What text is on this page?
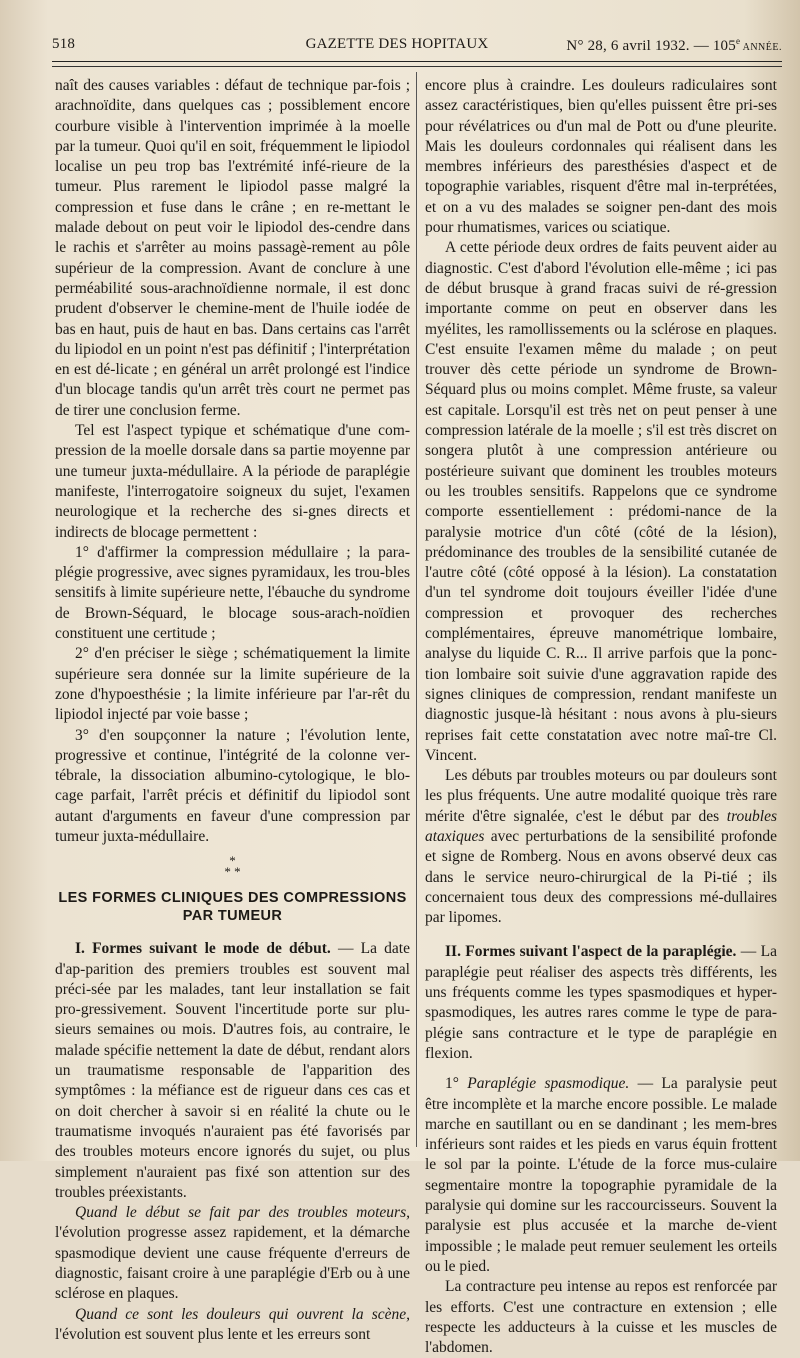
518	GAZETTE DES HOPITAUX	N° 28, 6 avril 1932. — 105e ANNÉE.

naît des causes variables : défaut de technique par-fois ; arachnoïdite, dans quelques cas ; possiblement encore courbure visible à l'intervention imprimée à la moelle par la tumeur. Quoi qu'il en soit, fréquemment le lipiodol localise un peu trop bas l'extrémité infé-rieure de la tumeur. Plus rarement le lipiodol passe malgré la compression et fuse dans le crâne ; en re-mettant le malade debout on peut voir le lipiodol des-cendre dans le rachis et s'arrêter au moins passagè-rement au pôle supérieur de la compression. Avant de conclure à une perméabilité sous-arachnoïdienne normale, il est donc prudent d'observer le chemine-ment de l'huile iodée de bas en haut, puis de haut en bas. Dans certains cas l'arrêt du lipiodol en un point n'est pas définitif ; l'interprétation en est dé-licate ; en général un arrêt prolongé est l'indice d'un blocage tandis qu'un arrêt très court ne permet pas de tirer une conclusion ferme.

Tel est l'aspect typique et schématique d'une com-pression de la moelle dorsale dans sa partie moyenne par une tumeur juxta-médullaire. A la période de paraplégie manifeste, l'interrogatoire soigneux du sujet, l'examen neurologique et la recherche des si-gnes directs et indirects de blocage permettent :

1° d'affirmer la compression médullaire ; la para-plégie progressive, avec signes pyramidaux, les trou-bles sensitifs à limite supérieure nette, l'ébauche du syndrome de Brown-Séquard, le blocage sous-arach-noïdien constituent une certitude ;

2° d'en préciser le siège ; schématiquement la limite supérieure sera donnée sur la limite supérieure de la zone d'hypoesthésie ; la limite inférieure par l'ar-rêt du lipiodol injecté par voie basse ;

3° d'en soupçonner la nature ; l'évolution lente, progressive et continue, l'intégrité de la colonne ver-tébrale, la dissociation albumino-cytologique, le blo-cage parfait, l'arrêt précis et définitif du lipiodol sont autant d'arguments en faveur d'une compression par tumeur juxta-médullaire.

*
* *
LES FORMES CLINIQUES DES COMPRESSIONS
PAR TUMEUR

I. Formes suivant le mode de début. — La date d'ap-parition des premiers troubles est souvent mal préci-sée par les malades, tant leur installation se fait pro-gressivement. Souvent l'incertitude porte sur plu-sieurs semaines ou mois. D'autres fois, au contraire, le malade spécifie nettement la date de début, rendant alors un traumatisme responsable de l'apparition des symptômes : la méfiance est de rigueur dans ces cas et on doit chercher à savoir si en réalité la chute ou le traumatisme invoqués n'auraient pas été favorisés par des troubles moteurs encore ignorés du sujet, ou plus simplement n'auraient pas fixé son attention sur des troubles préexistants.

Quand le début se fait par des troubles moteurs, l'évolution progresse assez rapidement, et la démarche spasmodique devient une cause fréquente d'erreurs de diagnostic, faisant croire à une paraplégie d'Erb ou à une sclérose en plaques.

Quand ce sont les douleurs qui ouvrent la scène, l'évolution est souvent plus lente et les erreurs sont

encore plus à craindre. Les douleurs radiculaires sont assez caractéristiques, bien qu'elles puissent être pri-ses pour révélatrices ou d'un mal de Pott ou d'une pleurite. Mais les douleurs cordonnales qui réalisent dans les membres inférieurs des paresthésies d'aspect et de topographie variables, risquent d'être mal in-terprétées, et on a vu des malades se soigner pen-dant des mois pour rhumatismes, varices ou sciatique.

A cette période deux ordres de faits peuvent aider au diagnostic. C'est d'abord l'évolution elle-même ; ici pas de début brusque à grand fracas suivi de ré-gression importante comme on peut en observer dans les myélites, les ramollissements ou la sclérose en plaques. C'est ensuite l'examen même du malade ; on peut trouver dès cette période un syndrome de Brown-Séquard plus ou moins complet. Même fruste, sa valeur est capitale. Lorsqu'il est très net on peut penser à une compression latérale de la moelle ; s'il est très discret on songera plutôt à une compression antérieure ou postérieure suivant que dominent les troubles moteurs ou les troubles sensitifs. Rappelons que ce syndrome comporte essentiellement : prédomi-nance de la paralysie motrice d'un côté (côté de la lésion), prédominance des troubles de la sensibilité cutanée de l'autre côté (côté opposé à la lésion). La constatation d'un tel syndrome doit toujours éveiller l'idée d'une compression et provoquer des recherches complémentaires, épreuve manométrique lombaire, analyse du liquide C. R... Il arrive parfois que la ponc-tion lombaire soit suivie d'une aggravation rapide des signes cliniques de compression, rendant manifeste un diagnostic jusque-là hésitant : nous avons à plu-sieurs reprises fait cette constatation avec notre maî-tre Cl. Vincent.

Les débuts par troubles moteurs ou par douleurs sont les plus fréquents. Une autre modalité quoique très rare mérite d'être signalée, c'est le début par des troubles ataxiques avec perturbations de la sensibilité profonde et signe de Romberg. Nous en avons observé deux cas dans le service neuro-chirurgical de la Pi-tié ; ils concernaient tous deux des compressions mé-dullaires par lipomes.

II. Formes suivant l'aspect de la paraplégie. — La paraplégie peut réaliser des aspects très différents, les uns fréquents comme les types spasmodiques et hyper-spasmodiques, les autres rares comme le type de para-plégie sans contracture et le type de paraplégie en flexion.

1° Paraplégie spasmodique. — La paralysie peut être incomplète et la marche encore possible. Le malade marche en sautillant ou en se dandinant ; les mem-bres inférieurs sont raides et les pieds en varus équin frottent le sol par la pointe. L'étude de la force mus-culaire segmentaire montre la topographie pyramidale de la paralysie qui domine sur les raccourcisseurs. Souvent la paralysie est plus accusée et la marche de-vient impossible ; le malade peut remuer seulement les orteils ou le pied.

La contracture peu intense au repos est renforcée par les efforts. C'est une contracture en extension ; elle respecte les adducteurs à la cuisse et les muscles de l'abdomen.
